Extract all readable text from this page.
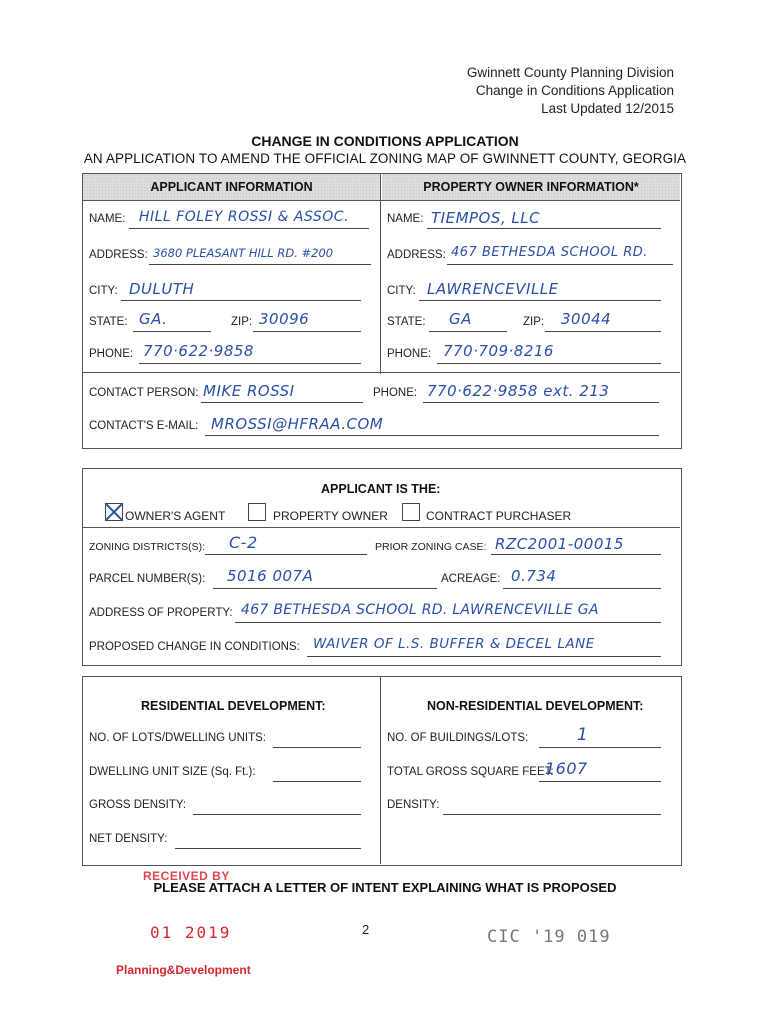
Gwinnett County Planning Division
Change in Conditions Application
Last Updated 12/2015
CHANGE IN CONDITIONS APPLICATION
AN APPLICATION TO AMEND THE OFFICIAL ZONING MAP OF GWINNETT COUNTY, GEORGIA
APPLICANT INFORMATION	PROPERTY OWNER INFORMATION*
NAME: HILL FOLEY ROSSI & ASSOC.
ADDRESS: 3680 PLEASANT HILL RD. #200
CITY: DULUTH
STATE: GA.	ZIP: 30096
PHONE: 770·622·9858
NAME: TIEMPOS, LLC
ADDRESS: 467 BETHESDA SCHOOL RD.
CITY: LAWRENCEVILLE
STATE: GA	ZIP: 30044
PHONE: 770·709·8216
CONTACT PERSON: MIKE ROSSI	PHONE: 770·622·9858 ext. 213
CONTACT'S E-MAIL: MROSSI@HFRAA.COM
APPLICANT IS THE:
OWNER'S AGENT	PROPERTY OWNER	CONTRACT PURCHASER
ZONING DISTRICTS(S): C-2	PRIOR ZONING CASE: RZC2001-00015
PARCEL NUMBER(S): 5016 007A	ACREAGE: 0.734
ADDRESS OF PROPERTY: 467 BETHESDA SCHOOL RD. LAWRENCEVILLE GA
PROPOSED CHANGE IN CONDITIONS: WAIVER OF L.S. BUFFER & DECEL LANE
RESIDENTIAL DEVELOPMENT:
NO. OF LOTS/DWELLING UNITS:
DWELLING UNIT SIZE (Sq. Ft.):
GROSS DENSITY:
NET DENSITY:
NON-RESIDENTIAL DEVELOPMENT:
NO. OF BUILDINGS/LOTS:	1
TOTAL GROSS SQUARE FEET:
1607
DENSITY:
PLEASE ATTACH A LETTER OF INTENT EXPLAINING WHAT IS PROPOSED
RECEIVED BY
01 2019
Planning&Development
2	CIC '19 019
